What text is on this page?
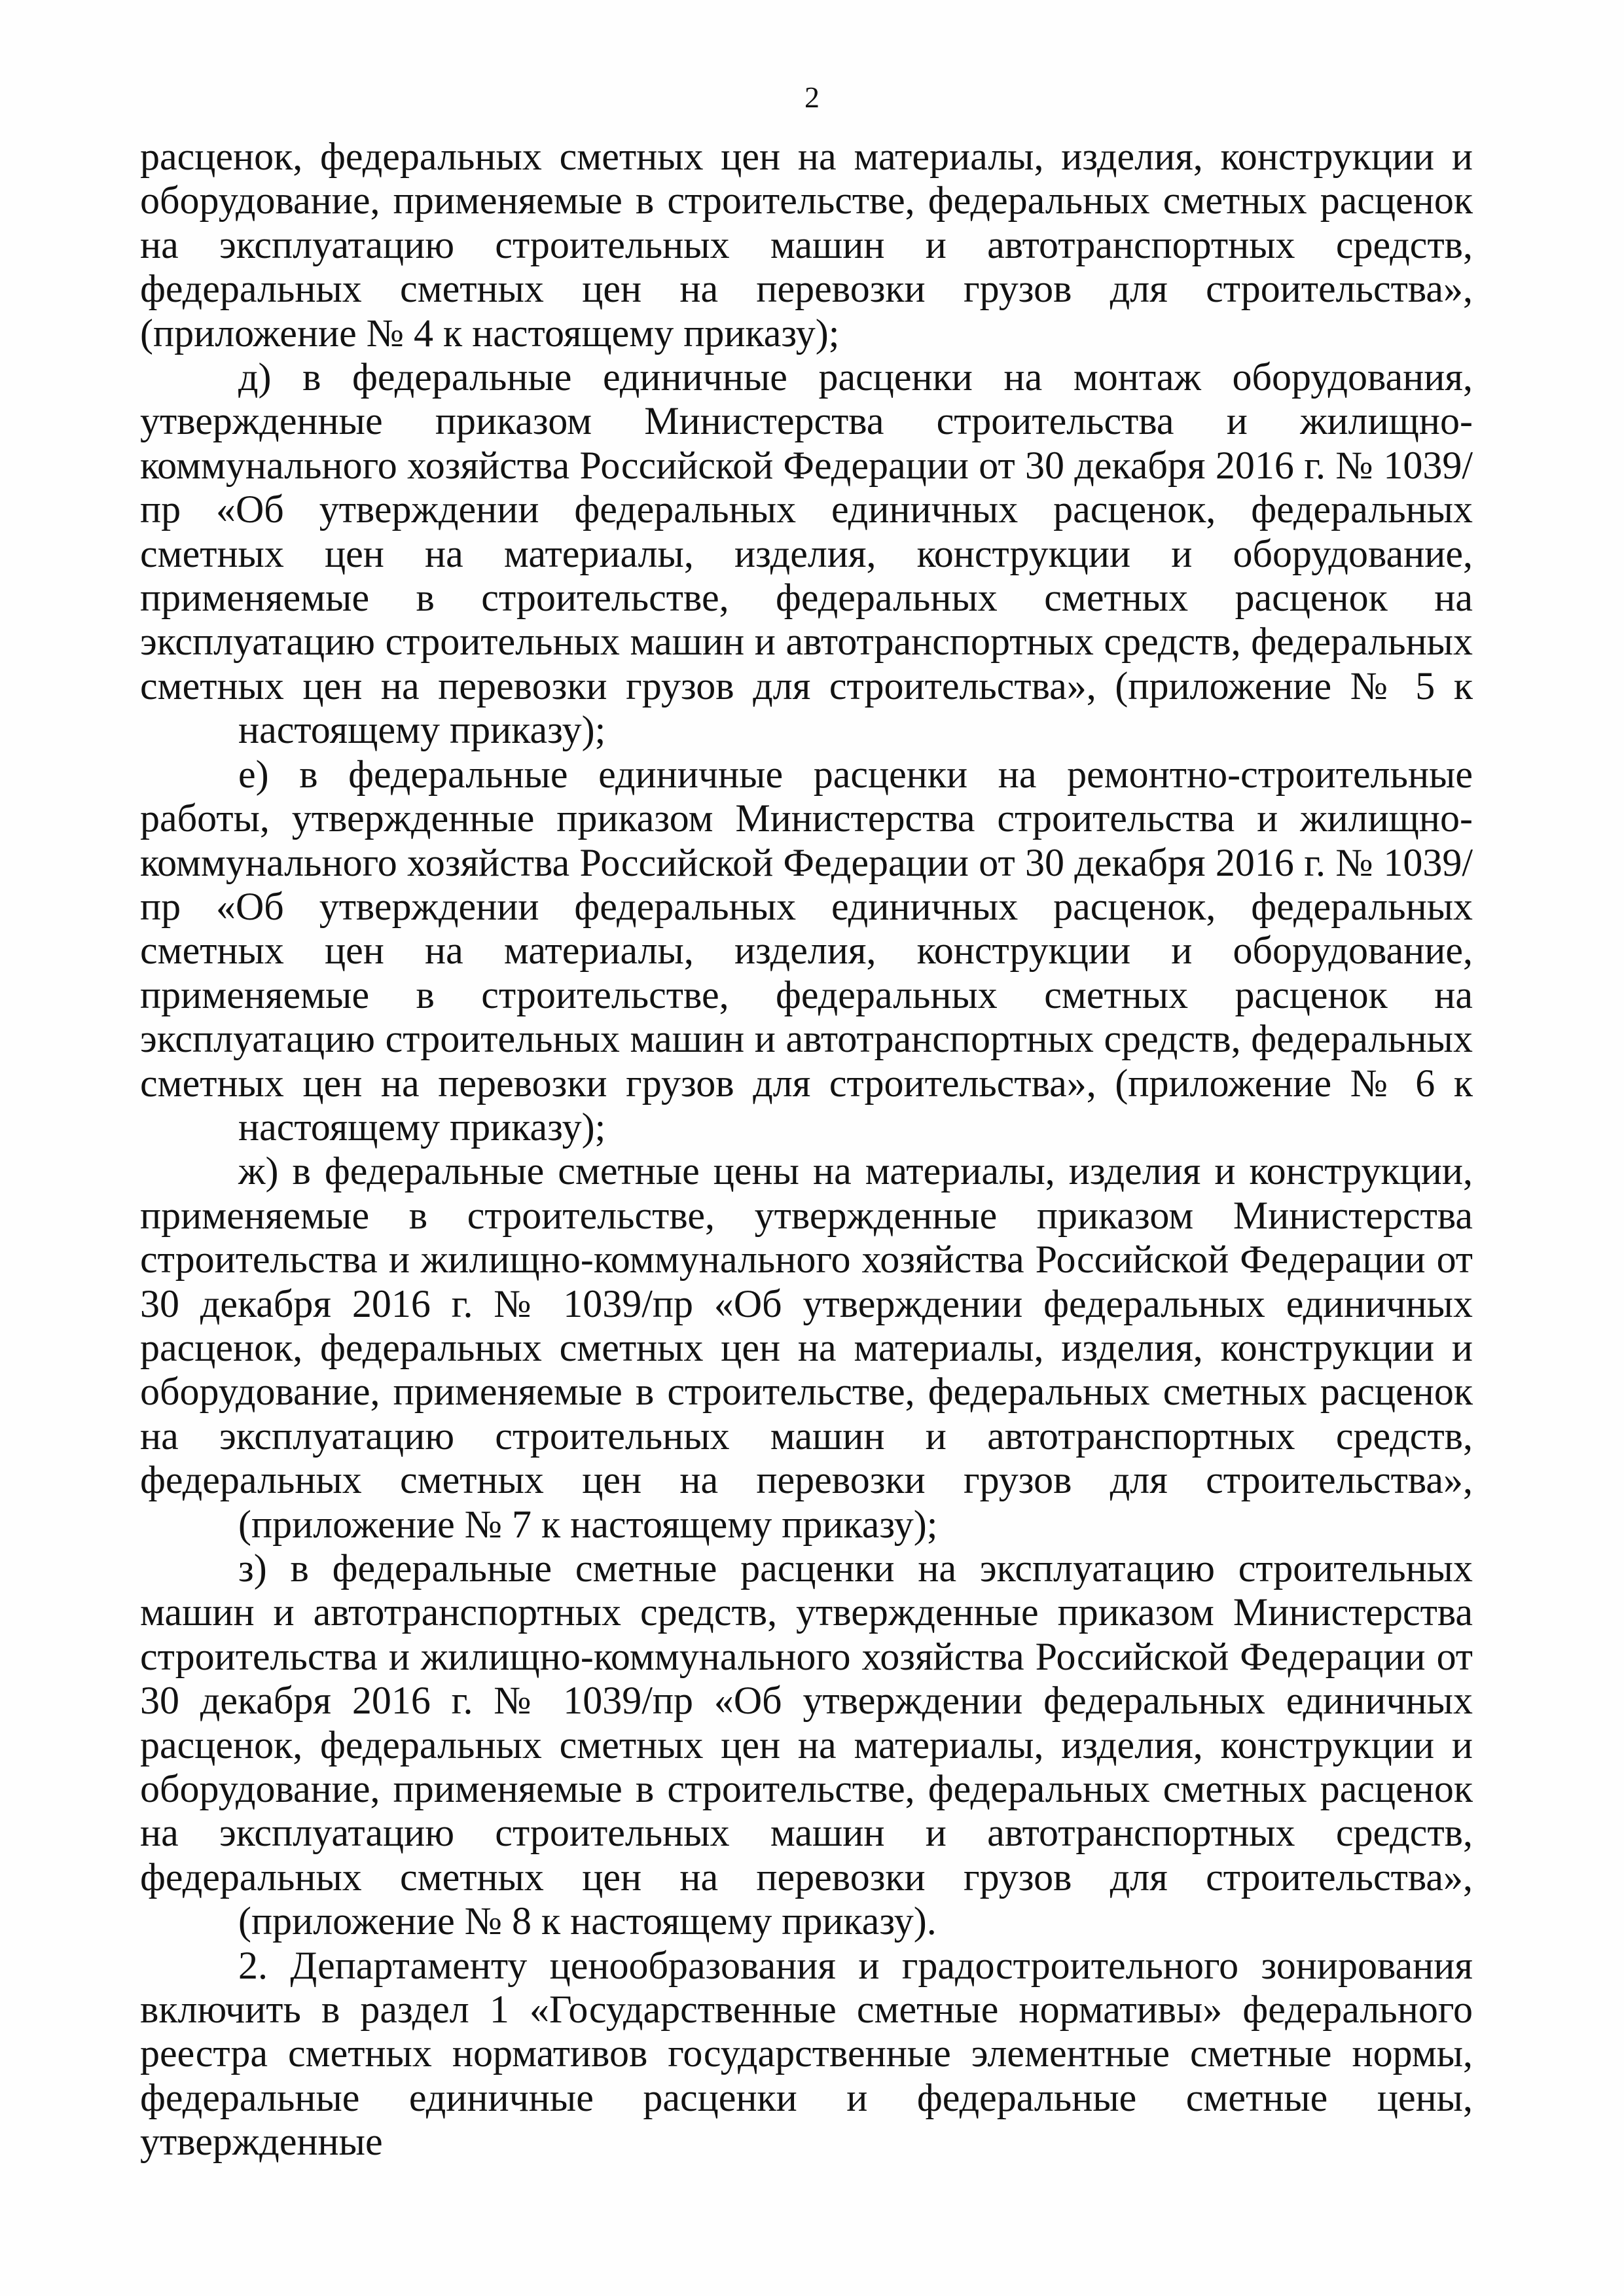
2

расценок, федеральных сметных цен на материалы, изделия, конструкции и оборудование, применяемые в строительстве, федеральных сметных расценок на эксплуатацию строительных машин и автотранспортных средств, федеральных сметных цен на перевозки грузов для строительства»,
(приложение № 4 к настоящему приказу);

д) в федеральные единичные расценки на монтаж оборудования, утвержденные приказом Министерства строительства и жилищно- коммунального хозяйства Российской Федерации от 30 декабря 2016 г. № 1039/пр «Об утверждении федеральных единичных расценок, федеральных сметных цен на материалы, изделия, конструкции и оборудование, применяемые в строительстве, федеральных сметных расценок на эксплуатацию строительных машин и автотранспортных средств, федеральных сметных цен на перевозки грузов для строительства», (приложение № 5 к
настоящему приказу);

е) в федеральные единичные расценки на ремонтно-строительные работы, утвержденные приказом Министерства строительства и жилищно- коммунального хозяйства Российской Федерации от 30 декабря 2016 г. № 1039/пр «Об утверждении федеральных единичных расценок, федеральных сметных цен на материалы, изделия, конструкции и оборудование, применяемые в строительстве, федеральных сметных расценок на эксплуатацию строительных машин и автотранспортных средств, федеральных сметных цен на перевозки грузов для строительства», (приложение № 6 к
настоящему приказу);

ж) в федеральные сметные цены на материалы, изделия и конструкции, применяемые в строительстве, утвержденные приказом Министерства строительства и жилищно-коммунального хозяйства Российской Федерации от 30 декабря 2016 г. № 1039/пр «Об утверждении федеральных единичных расценок, федеральных сметных цен на материалы, изделия, конструкции и оборудование, применяемые в строительстве, федеральных сметных расценок на эксплуатацию строительных машин и автотранспортных средств, федеральных сметных цен на перевозки грузов для строительства»,
(приложение № 7 к настоящему приказу);

з) в федеральные сметные расценки на эксплуатацию строительных машин и автотранспортных средств, утвержденные приказом Министерства строительства и жилищно-коммунального хозяйства Российской Федерации от 30 декабря 2016 г. № 1039/пр «Об утверждении федеральных единичных расценок, федеральных сметных цен на материалы, изделия, конструкции и оборудование, применяемые в строительстве, федеральных сметных расценок на эксплуатацию строительных машин и автотранспортных средств, федеральных сметных цен на перевозки грузов для строительства»,
(приложение № 8 к настоящему приказу).

2. Департаменту ценообразования и градостроительного зонирования включить в раздел 1 «Государственные сметные нормативы» федерального реестра сметных нормативов государственные элементные сметные нормы, федеральные единичные расценки и федеральные сметные цены, утвержденные
